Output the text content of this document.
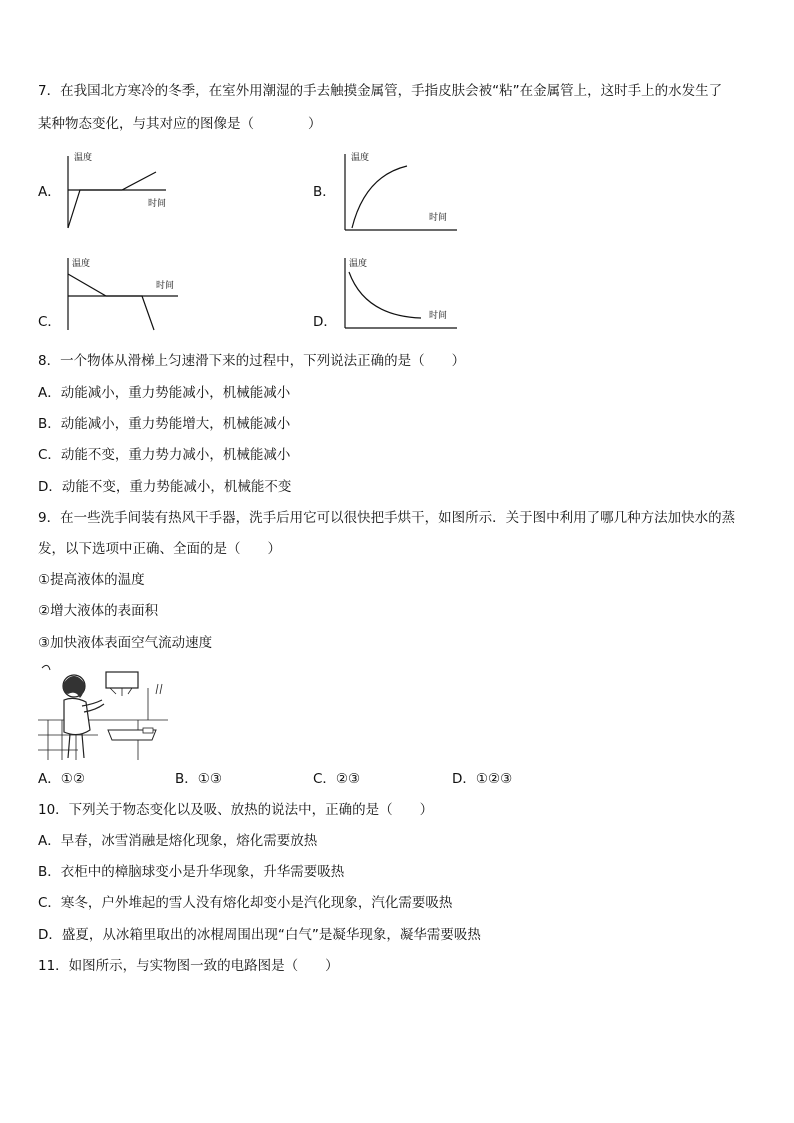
7．在我国北方寒冷的冬季，在室外用潮湿的手去触摸金属管，手指皮肤会被“粘”在金属管上，这时手上的水发生了
某种物态变化，与其对应的图像是（　　　　）
A．
温度
时间
B．
温度
时间
C．
温度
时间
D．
温度
时间
8．一个物体从滑梯上匀速滑下来的过程中，下列说法正确的是（　　）
A．动能减小，重力势能减小，机械能减小
B．动能减小，重力势能增大，机械能减小
C．动能不变，重力势力减小，机械能减小
D．动能不变，重力势能减小，机械能不变
9．在一些洗手间装有热风干手器，洗手后用它可以很快把手烘干，如图所示．关于图中利用了哪几种方法加快水的蒸
发，以下选项中正确、全面的是（　　）
①提高液体的温度
②增大液体的表面积
③加快液体表面空气流动速度
A．①②	B．①③	C．②③	D．①②③
10．下列关于物态变化以及吸、放热的说法中，正确的是（　　）
A．早春，冰雪消融是熔化现象，熔化需要放热
B．衣柜中的樟脑球变小是升华现象，升华需要吸热
C．寒冬，户外堆起的雪人没有熔化却变小是汽化现象，汽化需要吸热
D．盛夏，从冰箱里取出的冰棍周围出现“白气”是凝华现象，凝华需要吸热
11．如图所示，与实物图一致的电路图是（　　）
